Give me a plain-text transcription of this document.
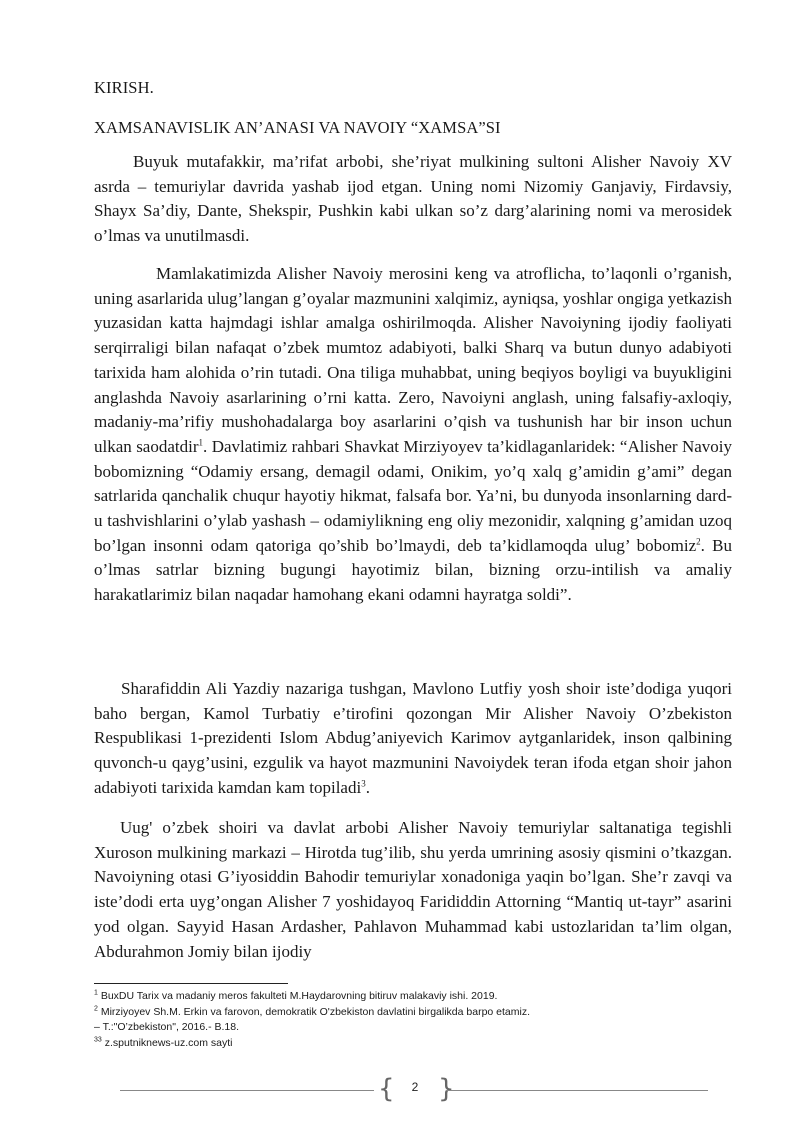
KIRISH.

XAMSANAVISLIK AN’ANASI VA NAVOIY “XAMSA”SI

Buyuk mutafakkir, ma’rifat arbobi, she’riyat mulkining sultoni Alisher Navoiy XV asrda – temuriylar davrida yashab ijod etgan. Uning nomi Nizomiy Ganjaviy, Firdavsiy, Shayx Sa’diy, Dante, Shekspir, Pushkin kabi ulkan so’z darg’alarining nomi va merosidek o’lmas va unutilmasdi.

Mamlakatimizda Alisher Navoiy merosini keng va atroflicha, to’laqonli o’rganish, uning asarlarida ulug’langan g’oyalar mazmunini xalqimiz, ayniqsa, yoshlar ongiga yetkazish yuzasidan katta hajmdagi ishlar amalga oshirilmoqda. Alisher Navoiyning ijodiy faoliyati serqirraligi bilan nafaqat o’zbek mumtoz adabiyoti, balki Sharq va butun dunyo adabiyoti tarixida ham alohida o’rin tutadi. Ona tiliga muhabbat, uning beqiyos boyligi va buyukligini anglashda Navoiy asarlarining o’rni katta. Zero, Navoiyni anglash, uning falsafiy-axloqiy, madaniy-ma’rifiy mushohadalarga boy asarlarini o’qish va tushunish har bir inson uchun ulkan saodatdir$^1$. Davlatimiz rahbari Shavkat Mirziyoyev ta’kidlaganlaridek: “Alisher Navoiy bobomizning “Odamiy ersang, demagil odami, Onikim, yo’q xalq g’amidin g’ami” degan satrlarida qanchalik chuqur hayotiy hikmat, falsafa bor. Ya’ni, bu dunyoda insonlarning dard-u tashvishlarini o’ylab yashash – odamiylikning eng oliy mezonidir, xalqning g’amidan uzoq bo’lgan insonni odam qatoriga qo’shib bo’lmaydi, deb ta’kidlamoqda ulug’ bobomiz$^2$. Bu o’lmas satrlar bizning bugungi hayotimiz bilan, bizning orzu-intilish va amaliy harakatlarimiz bilan naqadar hamohang ekani odamni hayratga soldi”.

Sharafiddin Ali Yazdiy nazariga tushgan, Mavlono Lutfiy yosh shoir iste’dodiga yuqori baho bergan, Kamol Turbatiy e’tirofini qozongan Mir Alisher Navoiy O’zbekiston Respublikasi 1-prezidenti Islom Abdug’aniyevich Karimov aytganlaridek, inson qalbining quvonch-u qayg’usini, ezgulik va hayot mazmunini Navoiydek teran ifoda etgan shoir jahon adabiyoti tarixida kamdan kam topiladi$^3$.

Uug' o’zbek shoiri va davlat arbobi Alisher Navoiy temuriylar saltanatiga tegishli Xuroson mulkining markazi – Hirotda tug’ilib, shu yerda umrining asosiy qismini o’tkazgan. Navoiyning otasi G’iyosiddin Bahodir temuriylar xonadoniga yaqin bo’lgan. She’r zavqi va iste’dodi erta uyg’ongan Alisher 7 yoshidayoq Farididdin Attorning “Mantiq ut-tayr” asarini yod olgan. Sayyid Hasan Ardasher, Pahlavon Muhammad kabi ustozlaridan ta’lim olgan, Abdurahmon Jomiy bilan ijodiy

$^1$ BuxDU Tarix va madaniy meros fakulteti M.Haydarovning bitiruv malakaviy ishi. 2019.

$^2$ Mirziyoyev Sh.M. Erkin va farovon, demokratik O'zbekiston davlatini birgalikda barpo etamiz.

– T.:"O’zbekiston", 2016.- B.18.

$^{33}$ z.sputniknews-uz.com sayti

{	2 }
